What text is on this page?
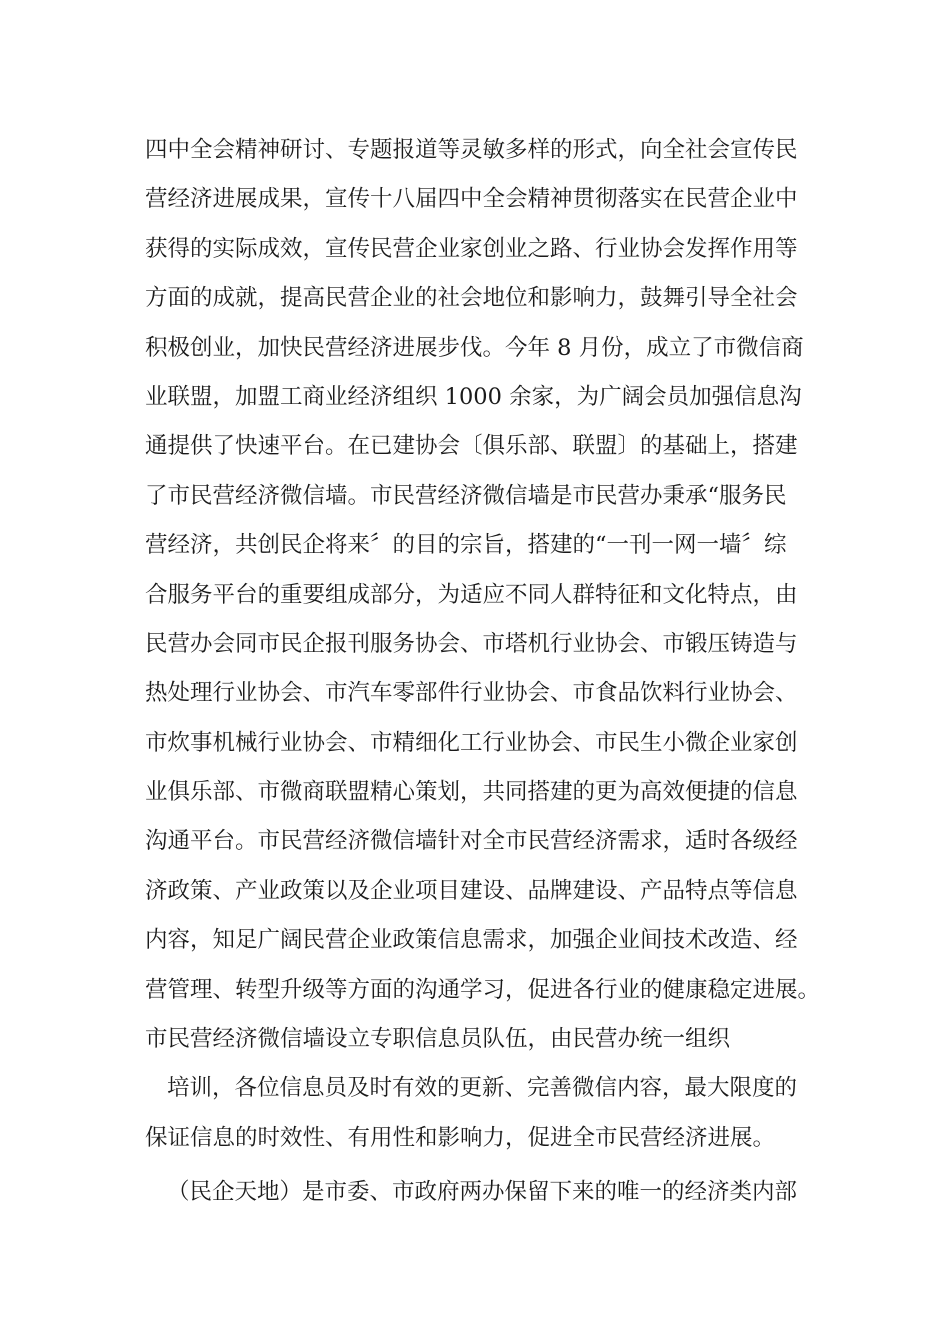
四中全会精神研讨、专题报道等灵敏多样的形式，向全社会宣传民
营经济进展成果，宣传十八届四中全会精神贯彻落实在民营企业中
获得的实际成效，宣传民营企业家创业之路、行业协会发挥作用等
方面的成就，提高民营企业的社会地位和影响力，鼓舞引导全社会
积极创业，加快民营经济进展步伐。今年 8 月份，成立了市微信商
业联盟，加盟工商业经济组织 1000 余家，为广阔会员加强信息沟
通提供了快速平台。在已建协会〔俱乐部、联盟〕的基础上，搭建
了市民营经济微信墙。市民营经济微信墙是市民营办秉承“服务民
营经济，共创民企将来〞的目的宗旨，搭建的“一刊一网一墙〞综
合服务平台的重要组成部分，为适应不同人群特征和文化特点，由
民营办会同市民企报刊服务协会、市塔机行业协会、市锻压铸造与
热处理行业协会、市汽车零部件行业协会、市食品饮料行业协会、
市炊事机械行业协会、市精细化工行业协会、市民生小微企业家创
业俱乐部、市微商联盟精心策划，共同搭建的更为高效便捷的信息
沟通平台。市民营经济微信墙针对全市民营经济需求，适时各级经
济政策、产业政策以及企业项目建设、品牌建设、产品特点等信息
内容，知足广阔民营企业政策信息需求，加强企业间技术改造、经
营管理、转型升级等方面的沟通学习，促进各行业的健康稳定进展。
市民营经济微信墙设立专职信息员队伍，由民营办统一组织
培训，各位信息员及时有效的更新、完善微信内容，最大限度的
保证信息的时效性、有用性和影响力，促进全市民营经济进展。
（民企天地）是市委、市政府两办保留下来的唯一的经济类内部
